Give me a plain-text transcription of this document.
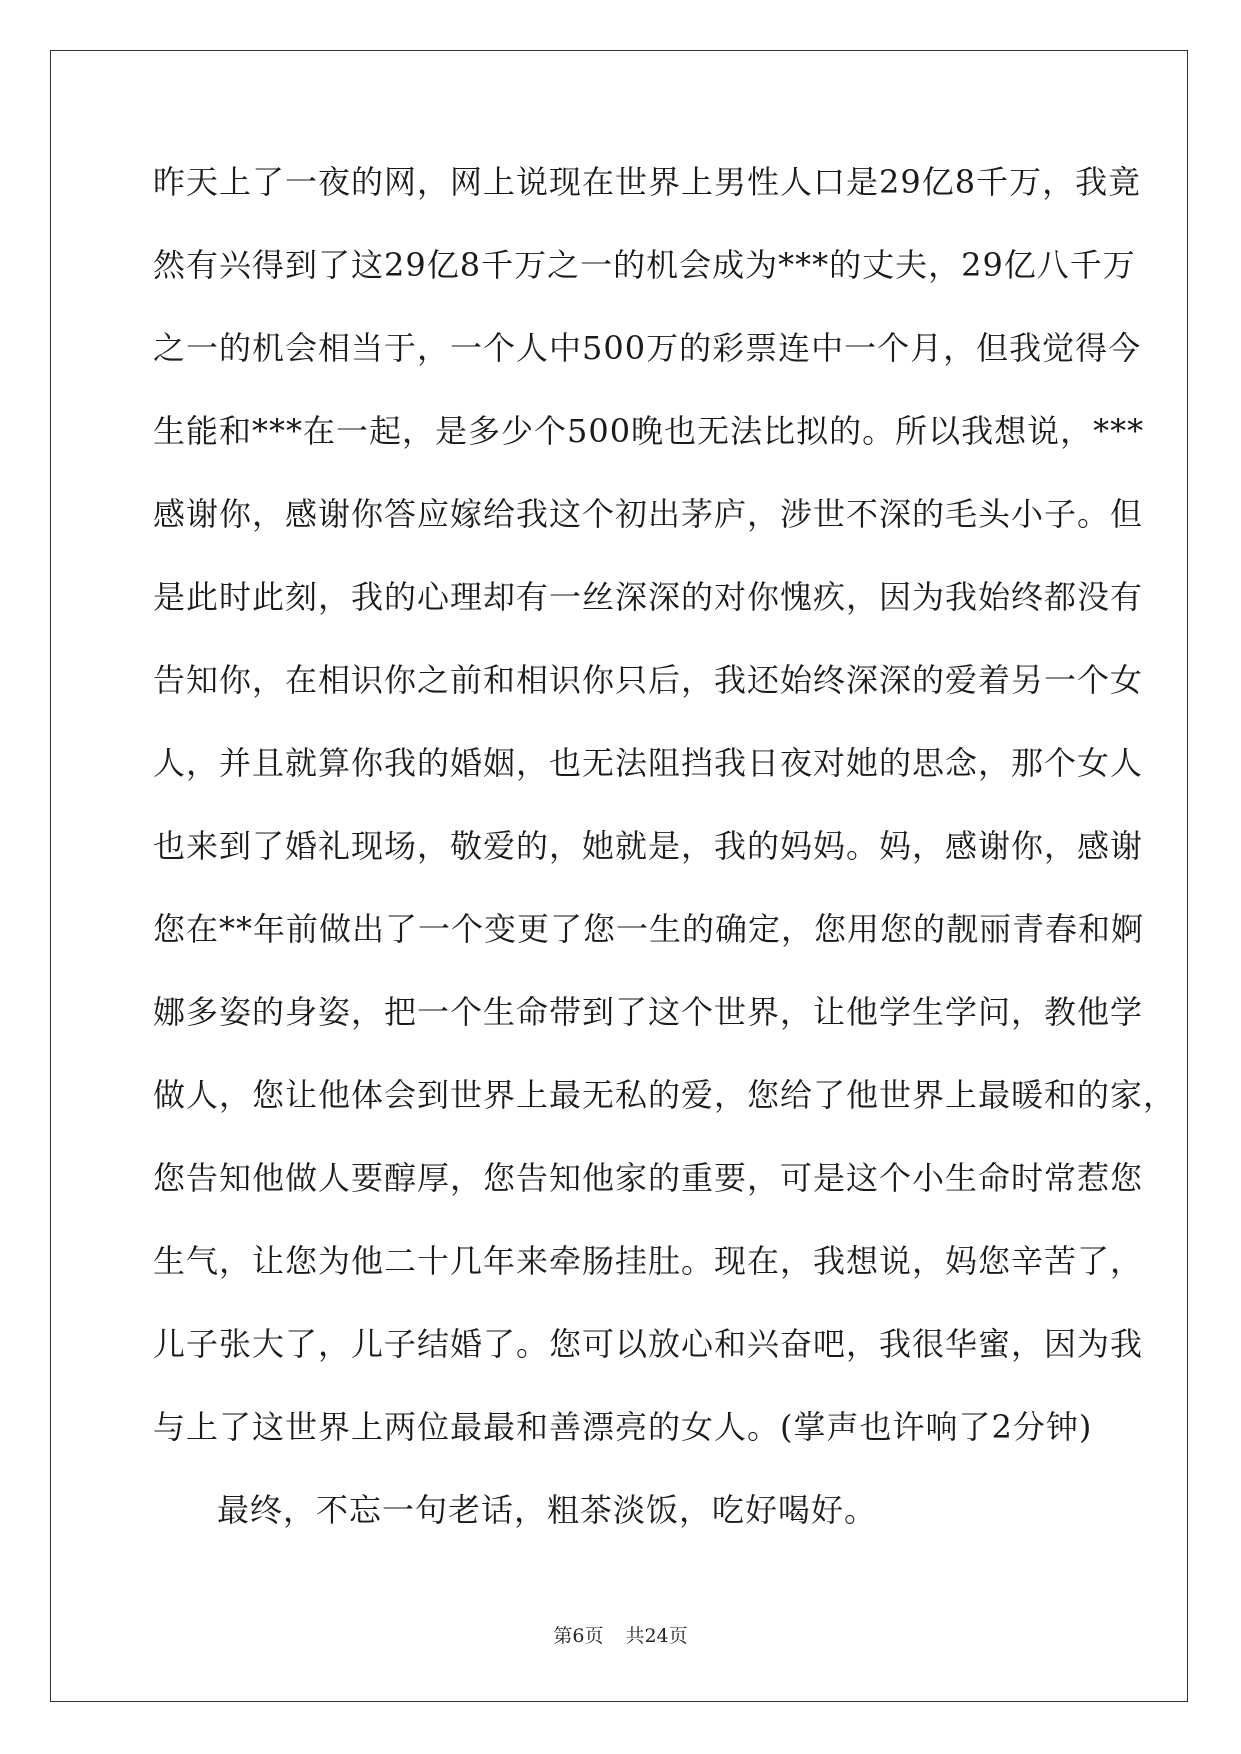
昨天上了一夜的网，网上说现在世界上男性人口是29亿8千万，我竟
然有兴得到了这29亿8千万之一的机会成为***的丈夫，29亿八千万
之一的机会相当于，一个人中500万的彩票连中一个月，但我觉得今
生能和***在一起，是多少个500晚也无法比拟的。所以我想说，***
感谢你，感谢你答应嫁给我这个初出茅庐，涉世不深的毛头小子。但
是此时此刻，我的心理却有一丝深深的对你愧疚，因为我始终都没有
告知你，在相识你之前和相识你只后，我还始终深深的爱着另一个女
人，并且就算你我的婚姻，也无法阻挡我日夜对她的思念，那个女人
也来到了婚礼现场，敬爱的，她就是，我的妈妈。妈，感谢你，感谢
您在**年前做出了一个变更了您一生的确定，您用您的靓丽青春和婀
娜多姿的身姿，把一个生命带到了这个世界，让他学生学问，教他学
做人，您让他体会到世界上最无私的爱，您给了他世界上最暖和的家，
您告知他做人要醇厚，您告知他家的重要，可是这个小生命时常惹您
生气，让您为他二十几年来牵肠挂肚。现在，我想说，妈您辛苦了，
儿子张大了，儿子结婚了。您可以放心和兴奋吧，我很华蜜，因为我
与上了这世界上两位最最和善漂亮的女人。(掌声也许响了2分钟)
最终，不忘一句老话，粗茶淡饭，吃好喝好。
第6页 共24页
